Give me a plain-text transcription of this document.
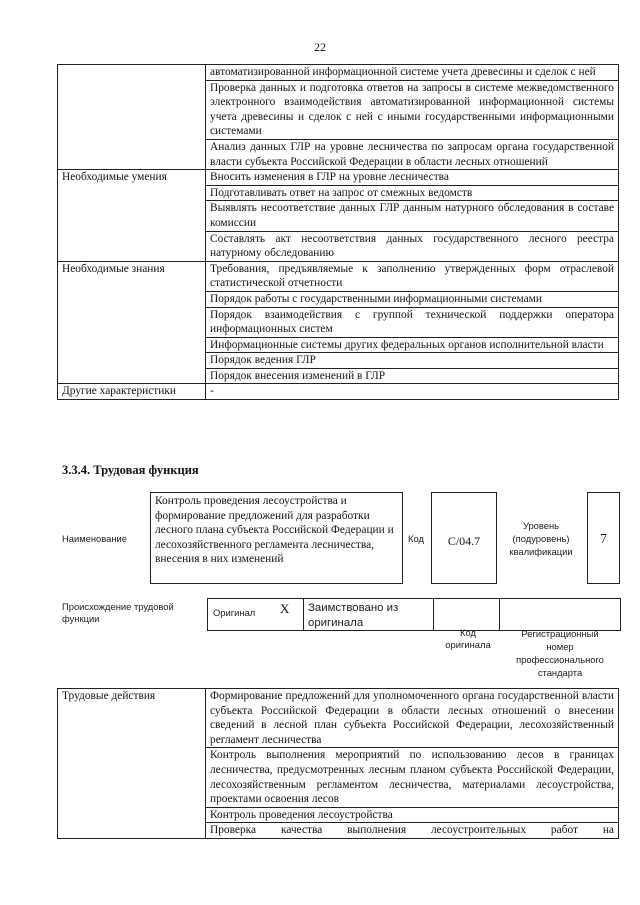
22
	автоматизированной информационной системе учета древесины и сделок с ней
	Проверка данных и подготовка ответов на запросы в системе межведомственного электронного взаимодействия автоматизированной информационной системы учета древесины и сделок с ней с иными государственными информационными системами
	Анализ данных ГЛР на уровне лесничества по запросам органа государственной власти субъекта Российской Федерации в области лесных отношений
Необходимые умения	Вносить изменения в ГЛР на уровне лесничества
	Подготавливать ответ на запрос от смежных ведомств
	Выявлять несоответствие данных ГЛР данным натурного обследования в составе комиссии
	Составлять акт несоответствия данных государственного лесного реестра натурному обследованию
Необходимые знания	Требования, предъявляемые к заполнению утвержденных форм отраслевой статистической отчетности
	Порядок работы с государственными информационными системами
	Порядок взаимодействия с группой технической поддержки оператора информационных систем
	Информационные системы других федеральных органов исполнительной власти
	Порядок ведения ГЛР
	Порядок внесения изменений в ГЛР
Другие характеристики	-
3.3.4. Трудовая функция
Наименование
Контроль проведения лесоустройства и формирование предложений для разработки лесного плана субъекта Российской Федерации и лесохозяйственного регламента лесничества, внесения в них изменений
Код	C/04.7
Уровень (подуровень) квалификации
7
Происхождение трудовой функции
Оригинал X	Заимствовано из оригинала		
Код оригинала
Регистрационный номер профессионального стандарта
Трудовые действия	Формирование предложений для уполномоченного органа государственной власти субъекта Российской Федерации в области лесных отношений о внесении сведений в лесной план субъекта Российской Федерации, лесохозяйственный регламент лесничества
Контроль выполнения мероприятий по использованию лесов в границах лесничества, предусмотренных лесным планом субъекта Российской Федерации, лесохозяйственным регламентом лесничества, материалами лесоустройства, проектами освоения лесов
Контроль проведения лесоустройства
Проверка качества выполнения лесоустроительных работ на
